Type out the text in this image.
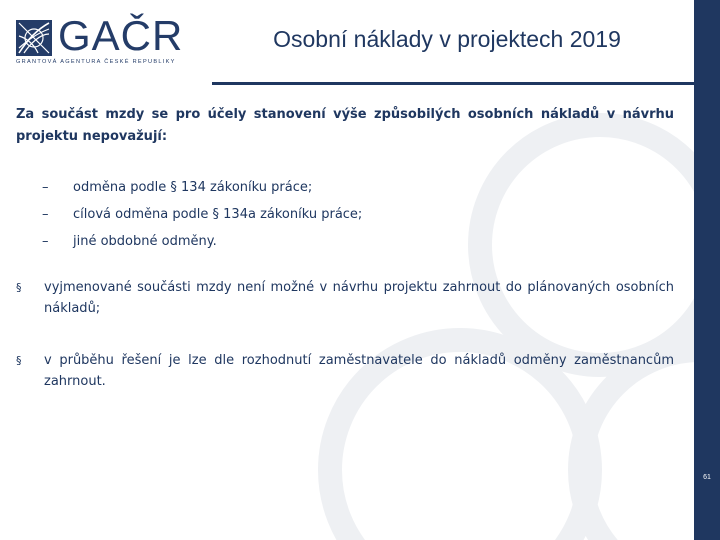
61
GAČR
GRANTOVÁ AGENTURA ČESKÉ REPUBLIKY
Osobní náklady v projektech 2019

Za součást mzdy se pro účely stanovení výše způsobilých osobních nákladů v návrhu projektu nepovažují:

– odměna podle § 134 zákoníku práce;
– cílová odměna podle § 134a zákoníku práce;
– jiné obdobné odměny.
§ vyjmenované součásti mzdy není možné v návrhu projektu zahrnout do plánovaných osobních nákladů;
§ v průběhu řešení je lze dle rozhodnutí zaměstnavatele do nákladů odměny zaměstnancům zahrnout.
